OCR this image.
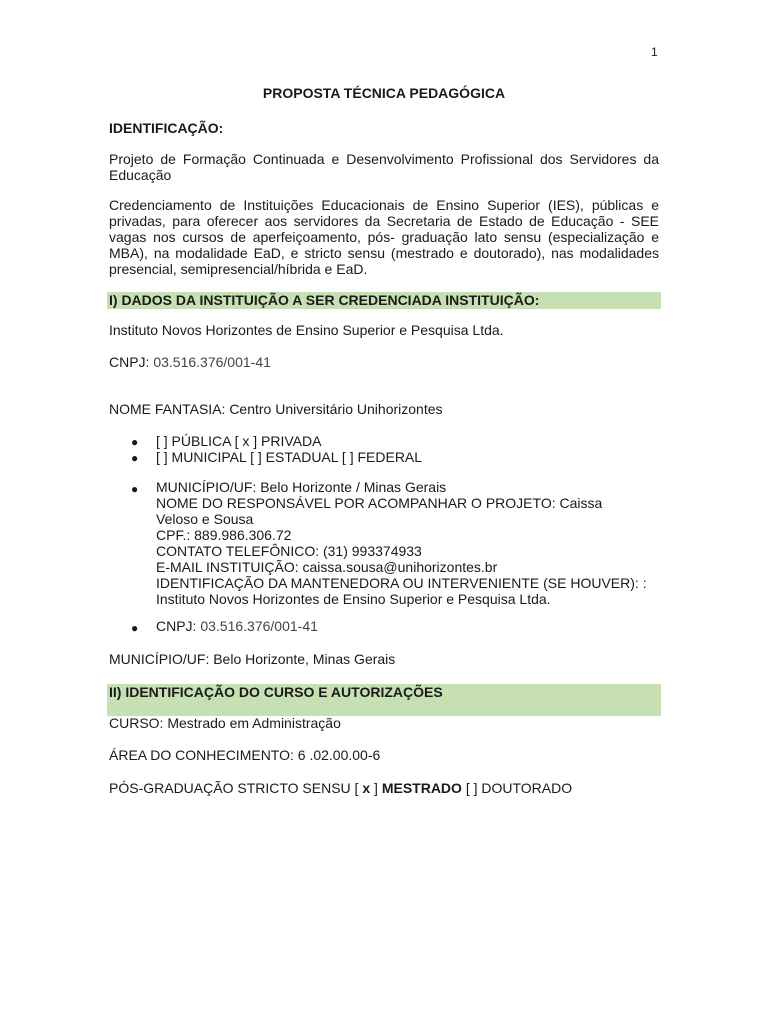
1
PROPOSTA TÉCNICA PEDAGÓGICA
IDENTIFICAÇÃO:
Projeto de Formação Continuada e Desenvolvimento Profissional dos Servidores da
Educação
Credenciamento de Instituições Educacionais de Ensino Superior (IES), públicas e
privadas, para oferecer aos servidores da Secretaria de Estado de Educação - SEE
vagas nos cursos de aperfeiçoamento, pós- graduação lato sensu (especialização e
MBA), na modalidade EaD, e stricto sensu (mestrado e doutorado), nas modalidades
presencial, semipresencial/híbrida e EaD.
I) DADOS DA INSTITUIÇÃO A SER CREDENCIADA INSTITUIÇÃO:
Instituto Novos Horizontes de Ensino Superior e Pesquisa Ltda.
CNPJ: 03.516.376/001-41
NOME FANTASIA: Centro Universitário Unihorizontes
● [ ] PÚBLICA [ x ] PRIVADA
● [ ] MUNICIPAL [ ] ESTADUAL [ ] FEDERAL
● MUNICÍPIO/UF: Belo Horizonte / Minas Gerais
NOME DO RESPONSÁVEL POR ACOMPANHAR O PROJETO: Caissa
Veloso e Sousa
CPF.: 889.986.306.72
CONTATO TELEFÔNICO: (31) 993374933
E-MAIL INSTITUIÇÃO: caissa.sousa@unihorizontes.br
IDENTIFICAÇÃO DA MANTENEDORA OU INTERVENIENTE (SE HOUVER): :
Instituto Novos Horizontes de Ensino Superior e Pesquisa Ltda.
● CNPJ: 03.516.376/001-41
MUNICÍPIO/UF: Belo Horizonte, Minas Gerais
II) IDENTIFICAÇÃO DO CURSO E AUTORIZAÇÕES
CURSO: Mestrado em Administração
ÁREA DO CONHECIMENTO: 6 .02.00.00-6
PÓS-GRADUAÇÃO STRICTO SENSU [ x ] MESTRADO [ ] DOUTORADO
